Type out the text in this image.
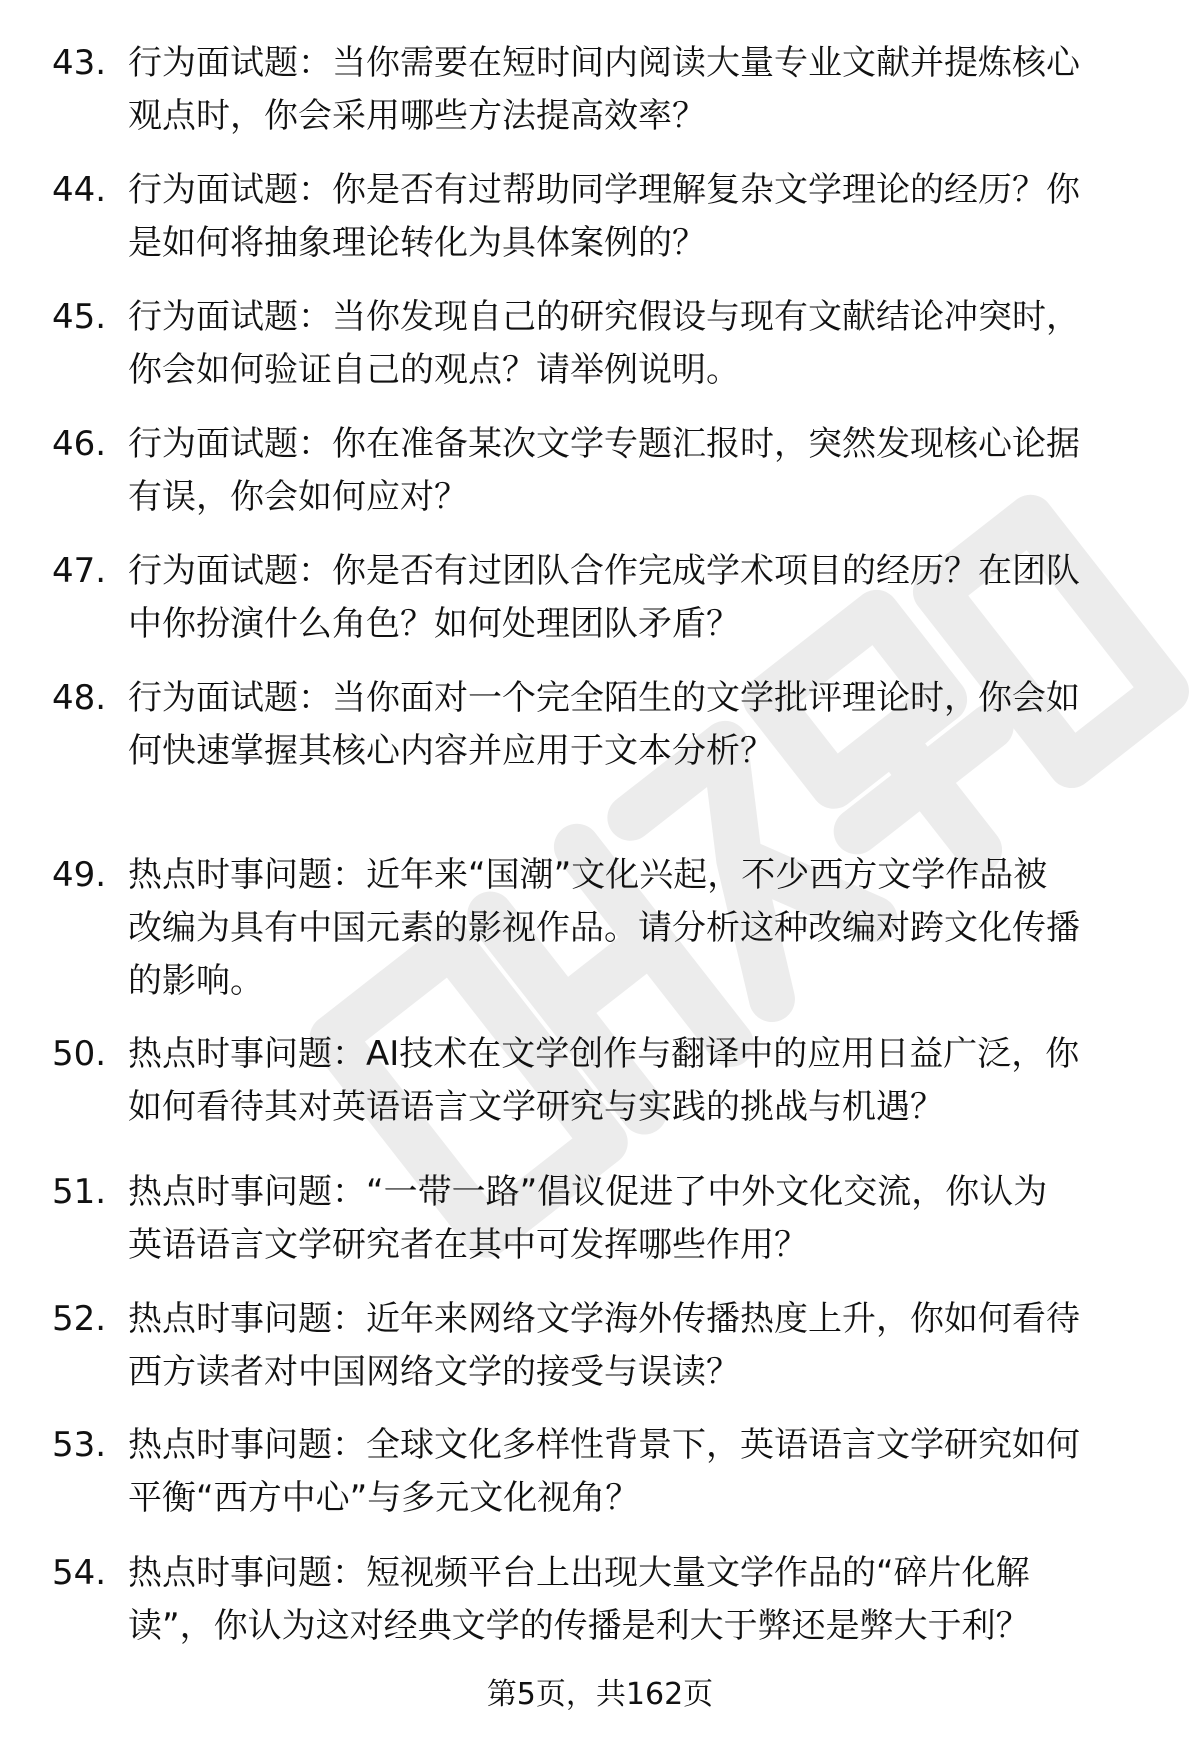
43. 行为面试题：当你需要在短时间内阅读大量专业文献并提炼核心
观点时，你会采用哪些方法提高效率？
44. 行为面试题：你是否有过帮助同学理解复杂文学理论的经历？你
是如何将抽象理论转化为具体案例的？
45. 行为面试题：当你发现自己的研究假设与现有文献结论冲突时，
你会如何验证自己的观点？请举例说明。
46. 行为面试题：你在准备某次文学专题汇报时，突然发现核心论据
有误，你会如何应对？
47. 行为面试题：你是否有过团队合作完成学术项目的经历？在团队
中你扮演什么角色？如何处理团队矛盾？
48. 行为面试题：当你面对一个完全陌生的文学批评理论时，你会如
何快速掌握其核心内容并应用于文本分析？
49. 热点时事问题：近年来“国潮”文化兴起，不少西方文学作品被
改编为具有中国元素的影视作品。请分析这种改编对跨文化传播
的影响。
50. 热点时事问题：AI技术在文学创作与翻译中的应用日益广泛，你
如何看待其对英语语言文学研究与实践的挑战与机遇？
51. 热点时事问题：“一带一路”倡议促进了中外文化交流，你认为
英语语言文学研究者在其中可发挥哪些作用？
52. 热点时事问题：近年来网络文学海外传播热度上升，你如何看待
西方读者对中国网络文学的接受与误读？
53. 热点时事问题：全球文化多样性背景下，英语语言文学研究如何
平衡“西方中心”与多元文化视角？
54. 热点时事问题：短视频平台上出现大量文学作品的“碎片化解
读”，你认为这对经典文学的传播是利大于弊还是弊大于利？
第5页，共162页
